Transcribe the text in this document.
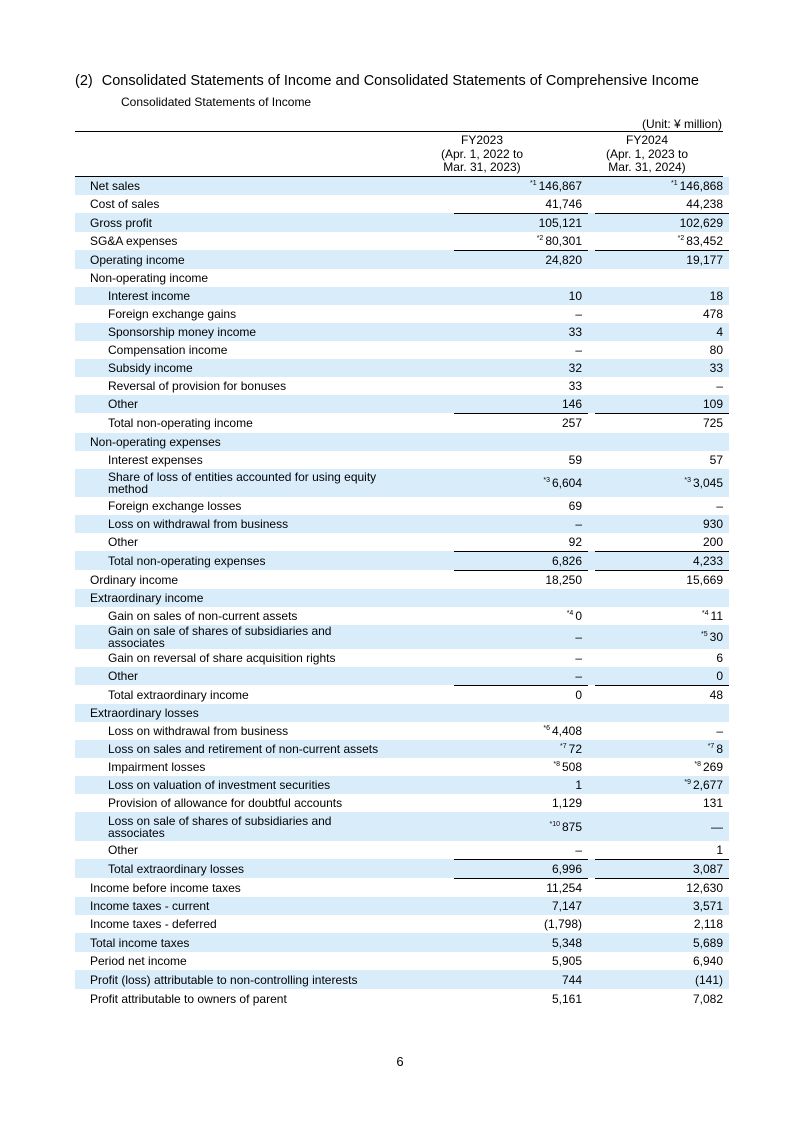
(2) Consolidated Statements of Income and Consolidated Statements of Comprehensive Income
Consolidated Statements of Income
(Unit: ¥ million)
FY2023
(Apr. 1, 2022 to
Mar. 31, 2023)
FY2024
(Apr. 1, 2023 to
Mar. 31, 2024)
Net sales		$^{*1}$ 146,867		$^{*1}$ 146,868
Cost of sales		41,746		44,238
Gross profit		105,121		102,629
SG&A expenses		$^{*2}$ 80,301		$^{*2}$ 83,452
Operating income		24,820		19,177
Non-operating income				
Interest income		10		18
Foreign exchange gains		–		478
Sponsorship money income		33		4
Compensation income		–		80
Subsidy income		32		33
Reversal of provision for bonuses		33		–
Other		146		109
Total non-operating income		257		725
Non-operating expenses				
Interest expenses		59		57
Share of loss of entities accounted for using equity method		$^{*3}$ 6,604		$^{*3}$ 3,045
Foreign exchange losses		69		–
Loss on withdrawal from business		–		930
Other		92		200
Total non-operating expenses		6,826		4,233
Ordinary income		18,250		15,669
Extraordinary income				
Gain on sales of non-current assets		$^{*4}$ 0		$^{*4}$ 11
Gain on sale of shares of subsidiaries and associates		–		$^{*5}$ 30
Gain on reversal of share acquisition rights		–		6
Other		–		0
Total extraordinary income		0		48
Extraordinary losses				
Loss on withdrawal from business		$^{*6}$ 4,408		–
Loss on sales and retirement of non-current assets		$^{*7}$ 72		$^{*7}$ 8
Impairment losses		$^{*8}$ 508		$^{*8}$ 269
Loss on valuation of investment securities		1		$^{*9}$ 2,677
Provision of allowance for doubtful accounts		1,129		131
Loss on sale of shares of subsidiaries and associates		$^{*10}$ 875		—
Other		–		1
Total extraordinary losses		6,996		3,087
Income before income taxes		11,254		12,630
Income taxes - current		7,147		3,571
Income taxes - deferred		(1,798)		2,118
Total income taxes		5,348		5,689
Period net income		5,905		6,940
Profit (loss) attributable to non-controlling interests		744		(141)
Profit attributable to owners of parent		5,161		7,082
6
